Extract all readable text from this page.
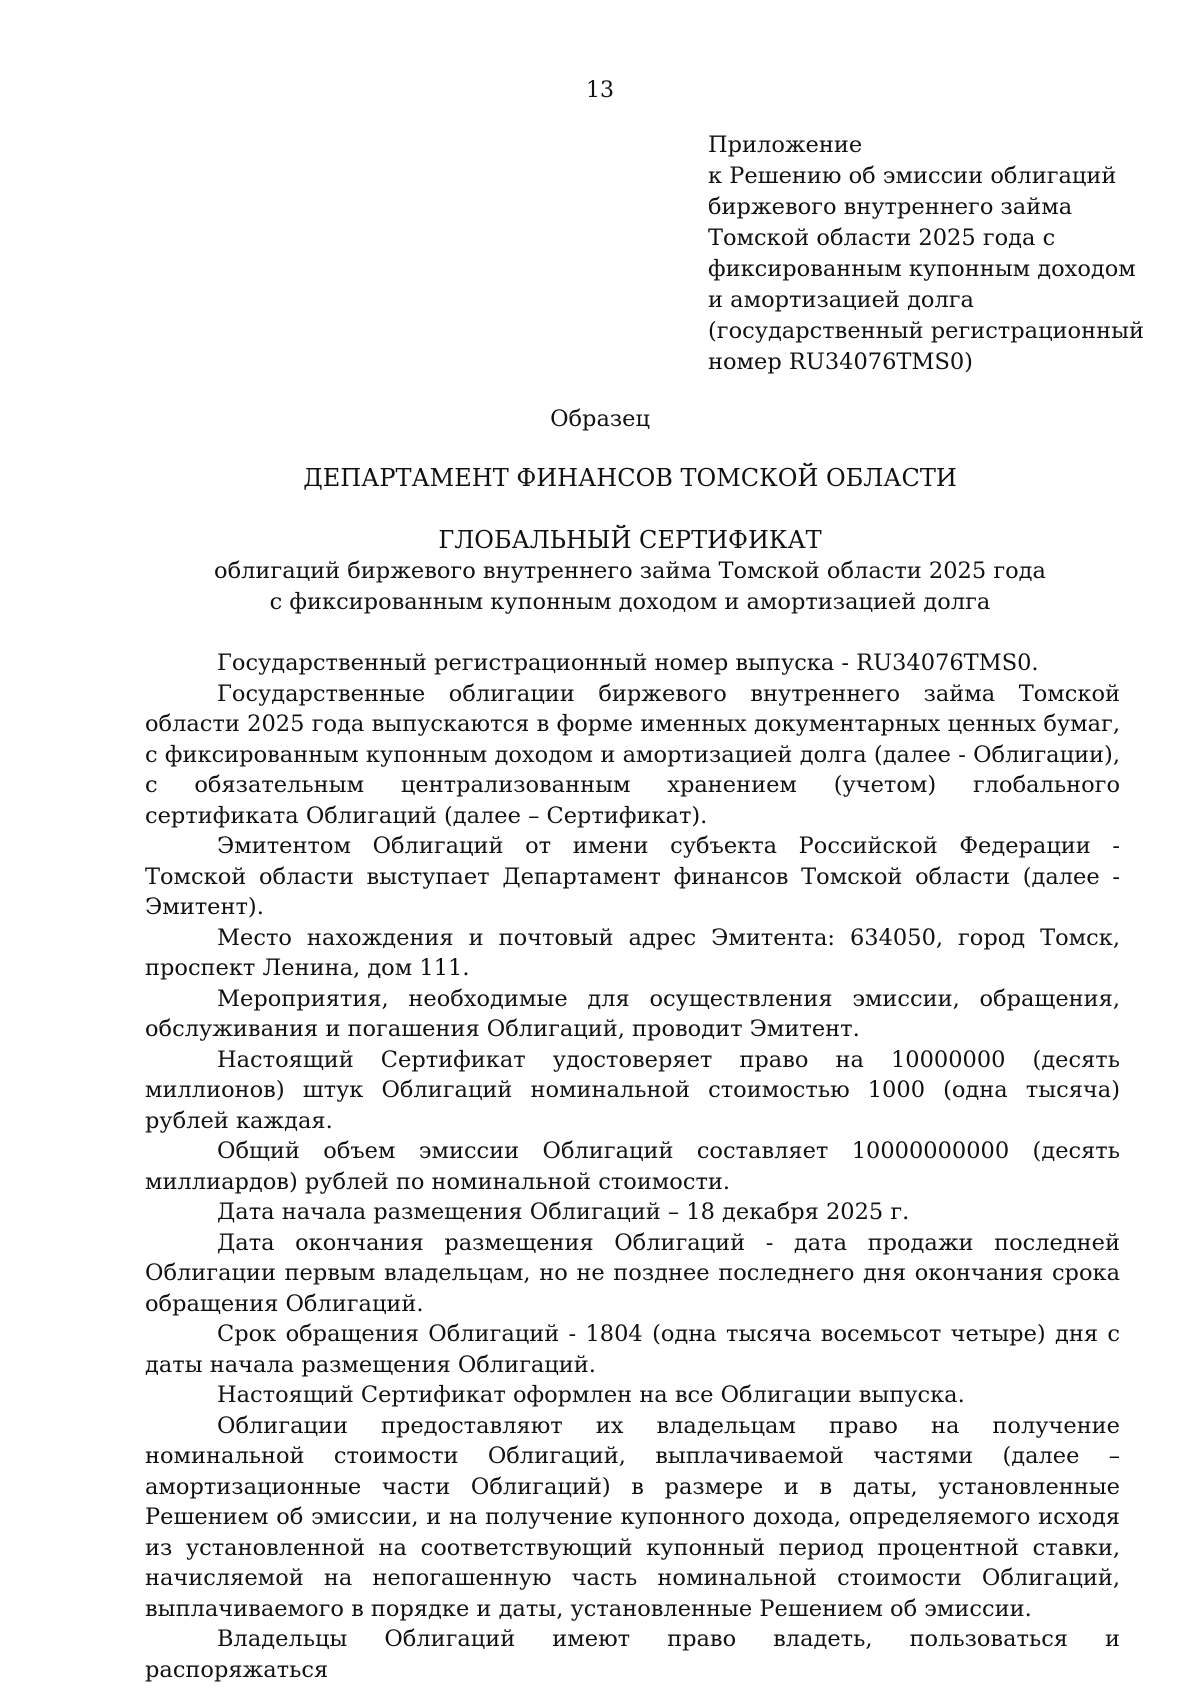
13
Приложение
к Решению об эмиссии облигаций
биржевого внутреннего займа
Томской области 2025 года с
фиксированным купонным доходом
и амортизацией долга
(государственный регистрационный
номер RU34076TMS0)
Образец
ДЕПАРТАМЕНТ ФИНАНСОВ ТОМСКОЙ ОБЛАСТИ
ГЛОБАЛЬНЫЙ СЕРТИФИКАТ
облигаций биржевого внутреннего займа Томской области 2025 года
с фиксированным купонным доходом и амортизацией долга

Государственный регистрационный номер выпуска - RU34076TMS0.

Государственные облигации биржевого внутреннего займа Томской области 2025 года выпускаются в форме именных документарных ценных бумаг, с фиксированным купонным доходом и амортизацией долга (далее - Облигации), с обязательным централизованным хранением (учетом) глобального сертификата Облигаций (далее – Сертификат).

Эмитентом Облигаций от имени субъекта Российской Федерации - Томской области выступает Департамент финансов Томской области (далее - Эмитент).

Место нахождения и почтовый адрес Эмитента: 634050, город Томск, проспект Ленина, дом 111.

Мероприятия, необходимые для осуществления эмиссии, обращения, обслуживания и погашения Облигаций, проводит Эмитент.

Настоящий Сертификат удостоверяет право на 10000000 (десять миллионов) штук Облигаций номинальной стоимостью 1000 (одна тысяча) рублей каждая.

Общий объем эмиссии Облигаций составляет 10000000000 (десять миллиардов) рублей по номинальной стоимости.

Дата начала размещения Облигаций – 18 декабря 2025 г.

Дата окончания размещения Облигаций - дата продажи последней Облигации первым владельцам, но не позднее последнего дня окончания срока обращения Облигаций.

Срок обращения Облигаций - 1804 (одна тысяча восемьсот четыре) дня с даты начала размещения Облигаций.

Настоящий Сертификат оформлен на все Облигации выпуска.

Облигации предоставляют их владельцам право на получение номинальной стоимости Облигаций, выплачиваемой частями (далее – амортизационные части Облигаций) в размере и в даты, установленные Решением об эмиссии, и на получение купонного дохода, определяемого исходя из установленной на соответствующий купонный период процентной ставки, начисляемой на непогашенную часть номинальной стоимости Облигаций, выплачиваемого в порядке и даты, установленные Решением об эмиссии.

Владельцы Облигаций имеют право владеть, пользоваться и распоряжаться
